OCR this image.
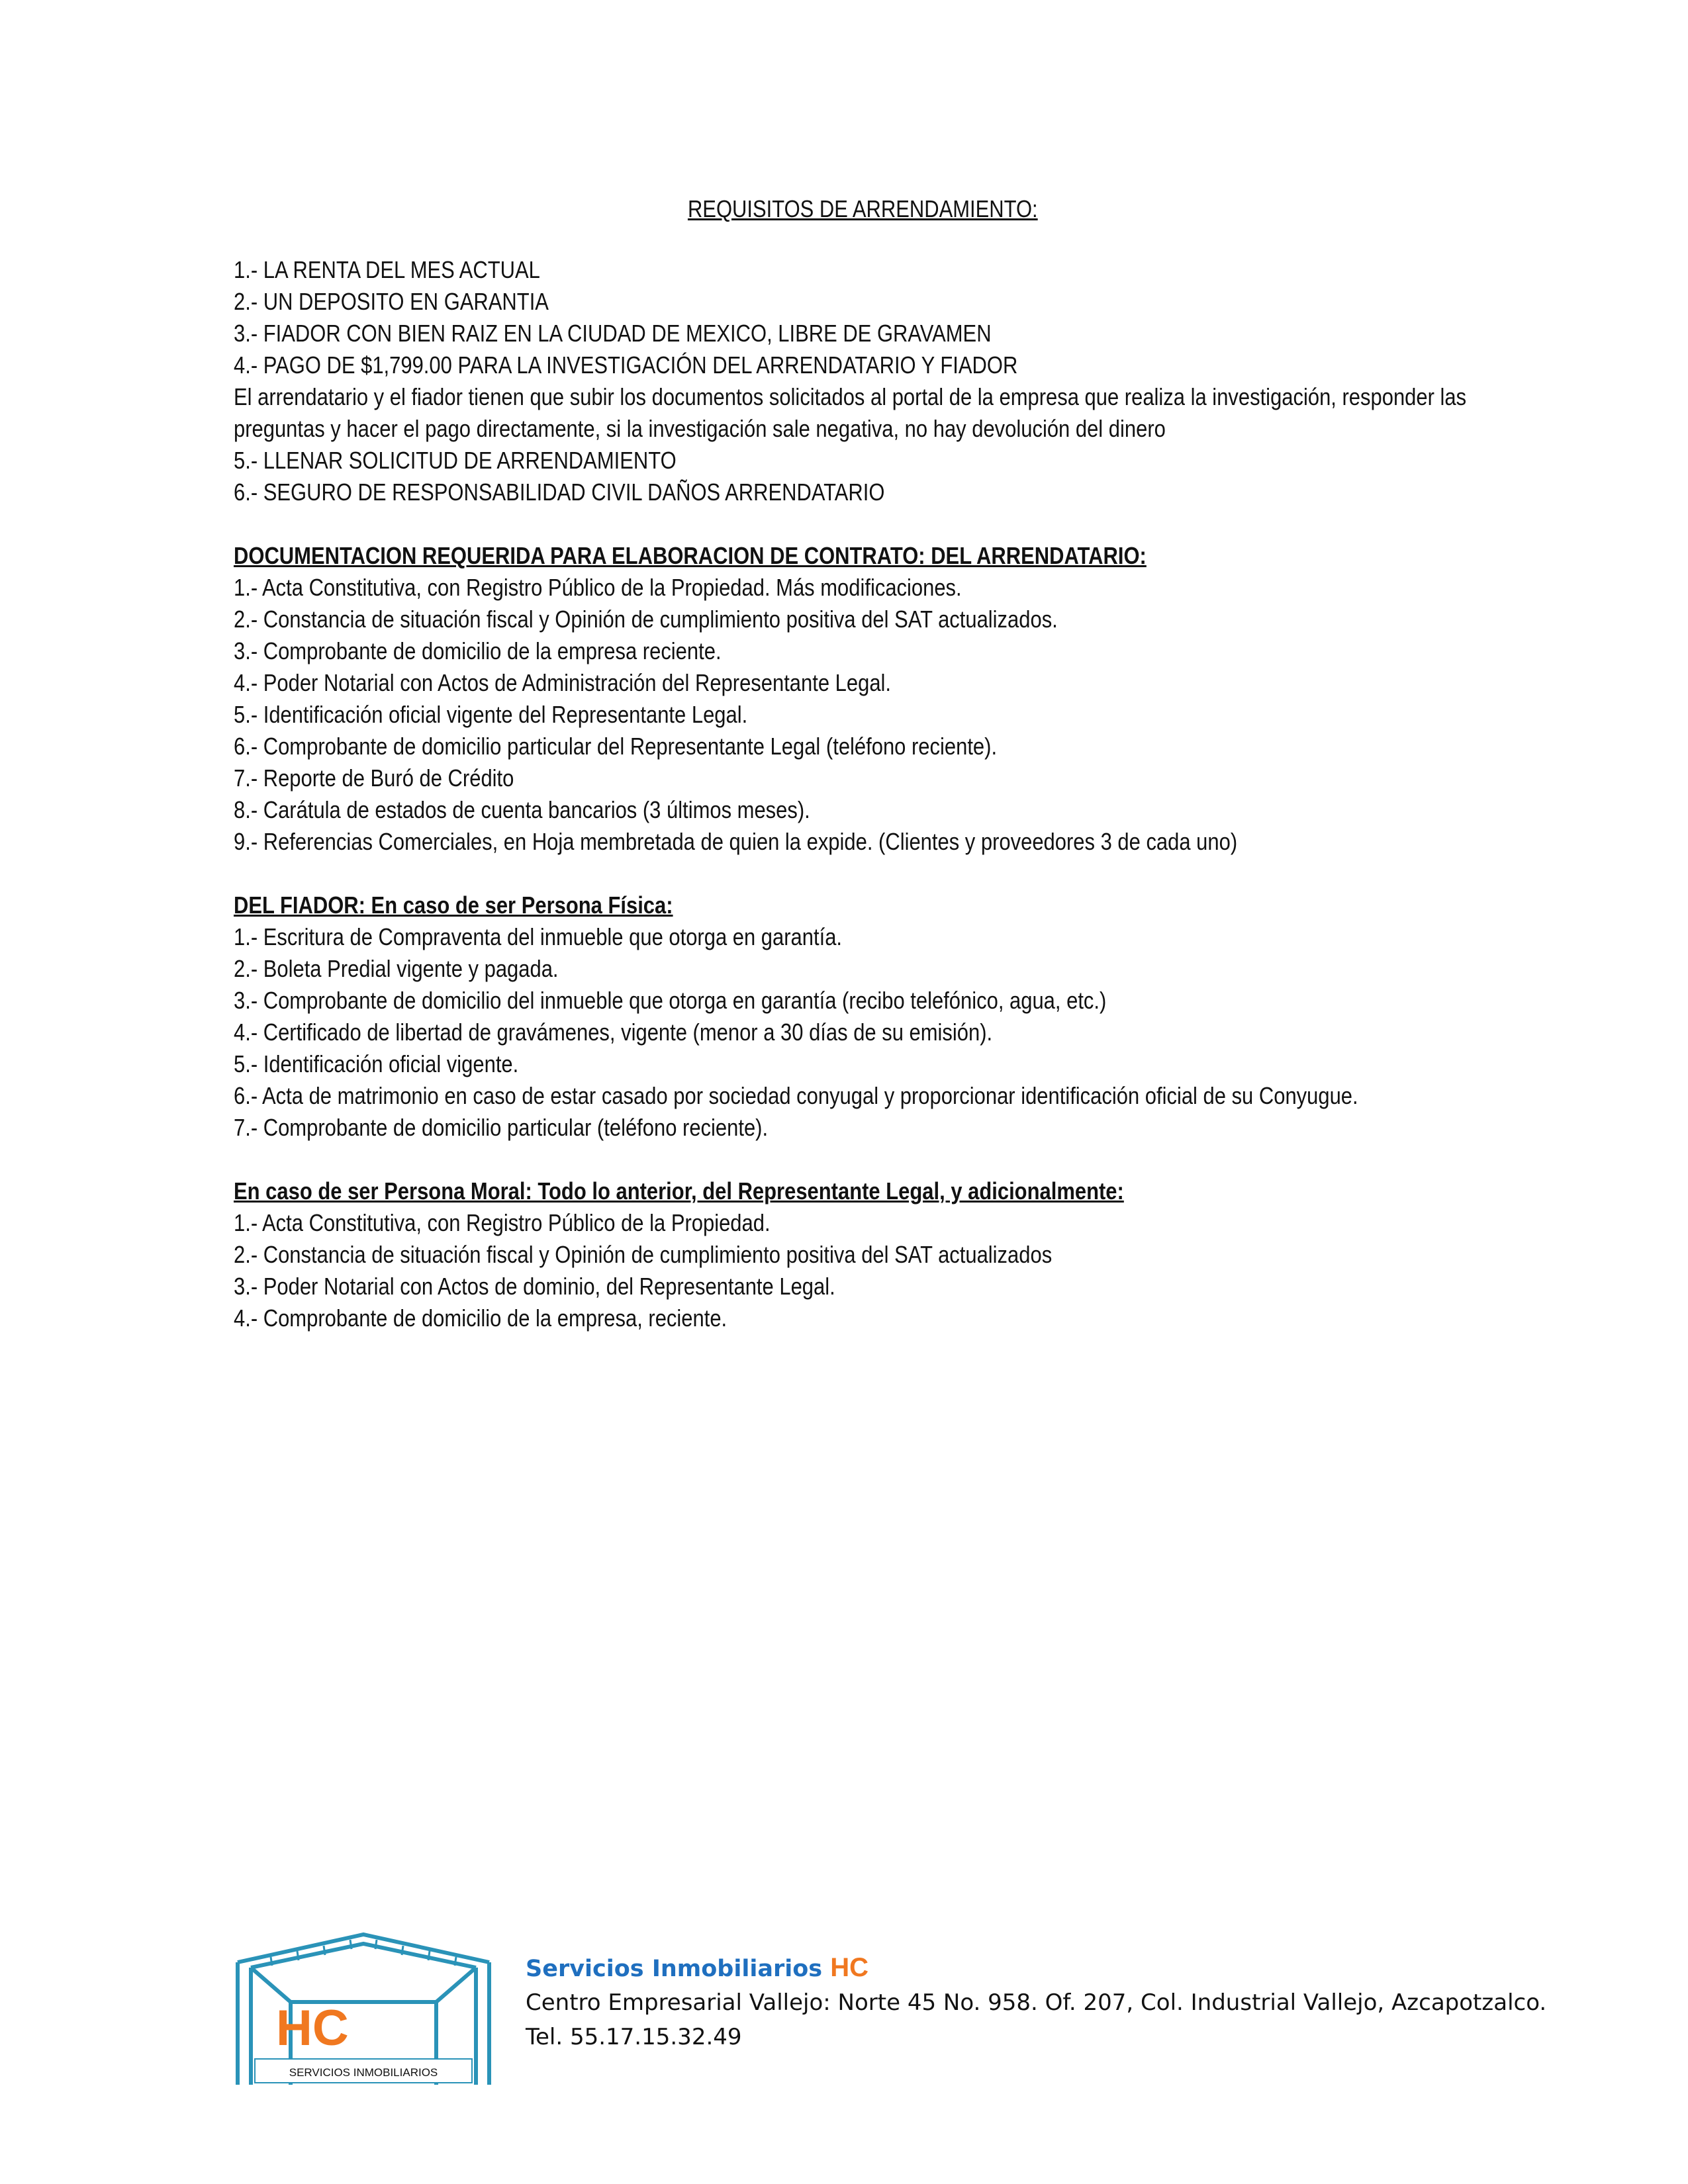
REQUISITOS DE ARRENDAMIENTO:
1.- LA RENTA DEL MES ACTUAL
2.- UN DEPOSITO EN GARANTIA
3.- FIADOR CON BIEN RAIZ EN LA CIUDAD DE MEXICO, LIBRE DE GRAVAMEN
4.- PAGO DE $1,799.00 PARA LA INVESTIGACIÓN DEL ARRENDATARIO Y FIADOR
El arrendatario y el fiador tienen que subir los documentos solicitados al portal de la empresa que realiza la investigación, responder las preguntas y hacer el pago directamente, si la investigación sale negativa, no hay devolución del dinero
5.- LLENAR SOLICITUD DE ARRENDAMIENTO
6.- SEGURO DE RESPONSABILIDAD CIVIL DAÑOS ARRENDATARIO
DOCUMENTACION REQUERIDA PARA ELABORACION DE CONTRATO: DEL ARRENDATARIO:
1.- Acta Constitutiva, con Registro Público de la Propiedad. Más modificaciones.
2.- Constancia de situación fiscal y Opinión de cumplimiento positiva del SAT actualizados.
3.- Comprobante de domicilio de la empresa reciente.
4.- Poder Notarial con Actos de Administración del Representante Legal.
5.- Identificación oficial vigente del Representante Legal.
6.- Comprobante de domicilio particular del Representante Legal (teléfono reciente).
7.- Reporte de Buró de Crédito
8.- Carátula de estados de cuenta bancarios (3 últimos meses).
9.- Referencias Comerciales, en Hoja membretada de quien la expide. (Clientes y proveedores 3 de cada uno)
DEL FIADOR: En caso de ser Persona Física:
1.- Escritura de Compraventa del inmueble que otorga en garantía.
2.- Boleta Predial vigente y pagada.
3.- Comprobante de domicilio del inmueble que otorga en garantía (recibo telefónico, agua, etc.)
4.- Certificado de libertad de gravámenes, vigente (menor a 30 días de su emisión).
5.- Identificación oficial vigente.
6.- Acta de matrimonio en caso de estar casado por sociedad conyugal y proporcionar identificación oficial de su Conyugue.
7.- Comprobante de domicilio particular (teléfono reciente).
En caso de ser Persona Moral: Todo lo anterior, del Representante Legal, y adicionalmente:
1.- Acta Constitutiva, con Registro Público de la Propiedad.
2.- Constancia de situación fiscal y Opinión de cumplimiento positiva del SAT actualizados
3.- Poder Notarial con Actos de dominio, del Representante Legal.
4.- Comprobante de domicilio de la empresa, reciente.
HC
SERVICIOS INMOBILIARIOS
Servicios Inmobiliarios HC
Centro Empresarial Vallejo: Norte 45 No. 958. Of. 207, Col. Industrial Vallejo, Azcapotzalco.
Tel. 55.17.15.32.49
